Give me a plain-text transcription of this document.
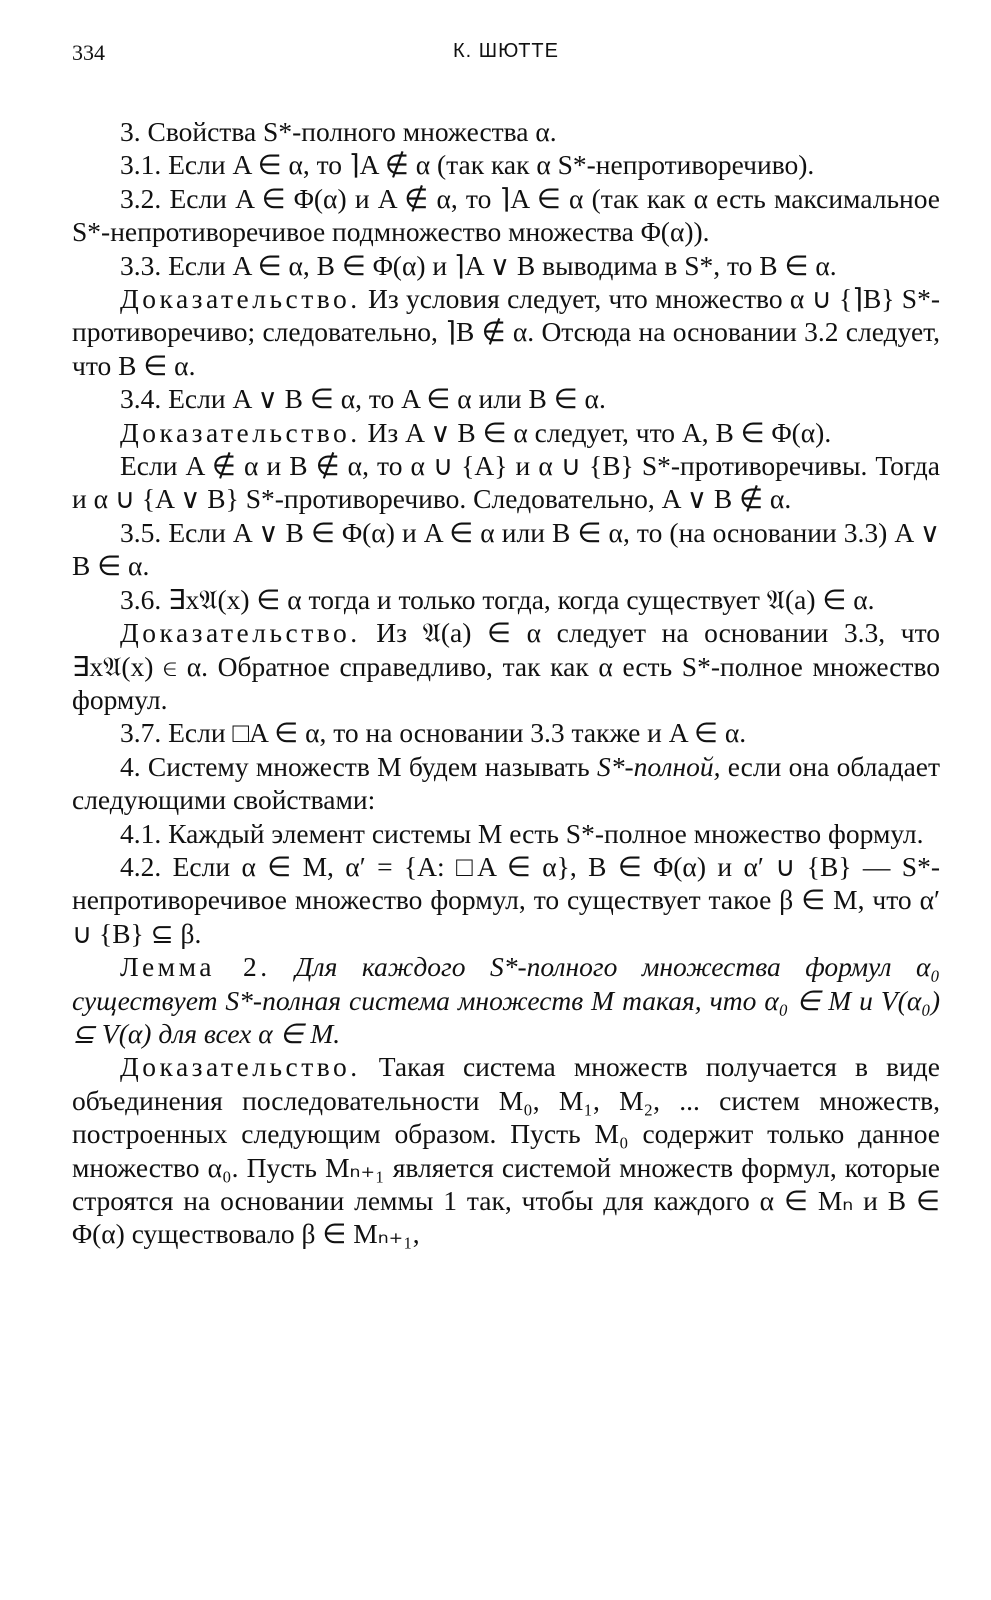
334	К. ШЮТТЕ

3. Свойства S*-полного множества α.

3.1. Если A ∈ α, то ⌉A ∉ α (так как α S*-непротиворечиво).

3.2. Если A ∈ Φ(α) и A ∉ α, то ⌉A ∈ α (так как α есть максимальное S*-непротиворечивое подмножество множества Φ(α)).

3.3. Если A ∈ α, B ∈ Φ(α) и ⌉A ∨ B выводима в S*, то B ∈ α.

Доказательство. Из условия следует, что множество α ∪ {⌉B} S*-противоречиво; следовательно, ⌉B ∉ α. Отсюда на основании 3.2 следует, что B ∈ α.

3.4. Если A ∨ B ∈ α, то A ∈ α или B ∈ α.

Доказательство. Из A ∨ B ∈ α следует, что A, B ∈ Φ(α).

Если A ∉ α и B ∉ α, то α ∪ {A} и α ∪ {B} S*-противоречивы. Тогда и α ∪ {A ∨ B} S*-противоречиво. Следовательно, A ∨ B ∉ α.

3.5. Если A ∨ B ∈ Φ(α) и A ∈ α или B ∈ α, то (на основании 3.3) A ∨ B ∈ α.

3.6. ∃x𝔄(x) ∈ α тогда и только тогда, когда существует 𝔄(a) ∈ α.

Доказательство. Из 𝔄(a) ∈ α следует на основании 3.3, что ∃x𝔄(x) ∈ α. Обратное справедливо, так как α есть S*-полное множество формул.

3.7. Если □A ∈ α, то на основании 3.3 также и A ∈ α.

4. Систему множеств M будем называть S*-полной, если она обладает следующими свойствами:

4.1. Каждый элемент системы M есть S*-полное множество формул.

4.2. Если α ∈ M, α′ = {A: □A ∈ α}, B ∈ Φ(α) и α′ ∪ {B} — S*-непротиворечивое множество формул, то существует такое β ∈ M, что α′ ∪ {B} ⊆ β.

Лемма 2. Для каждого S*-полного множества формул α₀ существует S*-полная система множеств M такая, что α₀ ∈ M и V(α₀) ⊆ V(α) для всех α ∈ M.

Доказательство. Такая система множеств получается в виде объединения последовательности M₀, M₁, M₂, ... систем множеств, построенных следующим образом. Пусть M₀ содержит только данное множество α₀. Пусть Mₙ₊₁ является системой множеств формул, которые строятся на основании леммы 1 так, чтобы для каждого α ∈ Mₙ и B ∈ Φ(α) существовало β ∈ Mₙ₊₁,
